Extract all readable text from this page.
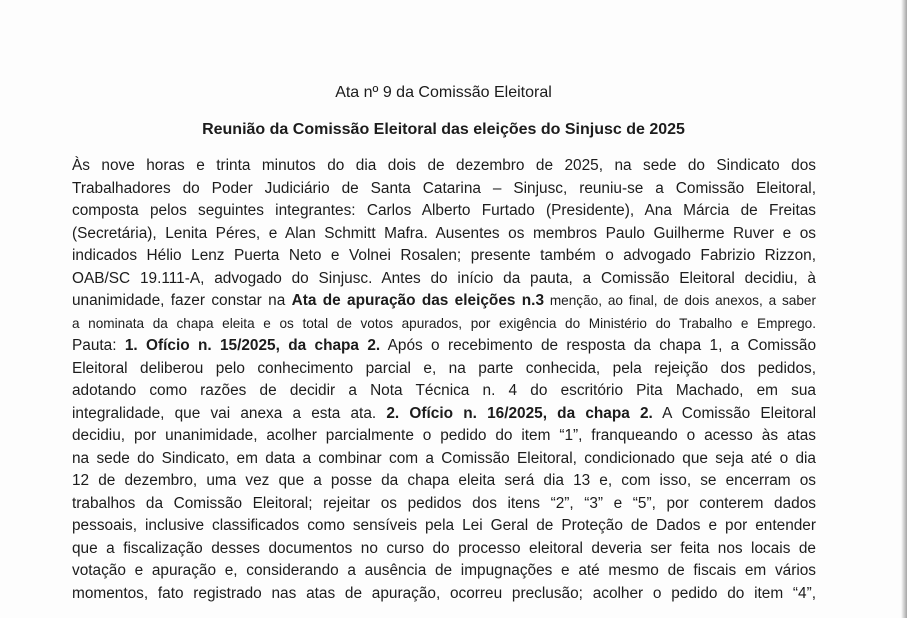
Ata nº 9 da Comissão Eleitoral
Reunião da Comissão Eleitoral das eleições do Sinjusc de 2025
Às nove horas e trinta minutos do dia dois de dezembro de 2025, na sede do Sindicato dos
Trabalhadores do Poder Judiciário de Santa Catarina – Sinjusc, reuniu-se a Comissão Eleitoral,
composta pelos seguintes integrantes: Carlos Alberto Furtado (Presidente), Ana Márcia de Freitas
(Secretária), Lenita Péres, e Alan Schmitt Mafra. Ausentes os membros Paulo Guilherme Ruver e os
indicados Hélio Lenz Puerta Neto e Volnei Rosalen; presente também o advogado Fabrizio Rizzon,
OAB/SC 19.111-A, advogado do Sinjusc. Antes do início da pauta, a Comissão Eleitoral decidiu, à
unanimidade, fazer constar na Ata de apuração das eleições n.3 menção, ao final, de dois anexos, a saber
a nominata da chapa eleita e os total de votos apurados, por exigência do Ministério do Trabalho e Emprego.
Pauta: 1. Ofício n. 15/2025, da chapa 2. Após o recebimento de resposta da chapa 1, a Comissão
Eleitoral deliberou pelo conhecimento parcial e, na parte conhecida, pela rejeição dos pedidos,
adotando como razões de decidir a Nota Técnica n. 4 do escritório Pita Machado, em sua
integralidade, que vai anexa a esta ata. 2. Ofício n. 16/2025, da chapa 2. A Comissão Eleitoral
decidiu, por unanimidade, acolher parcialmente o pedido do item “1”, franqueando o acesso às atas
na sede do Sindicato, em data a combinar com a Comissão Eleitoral, condicionado que seja até o dia
12 de dezembro, uma vez que a posse da chapa eleita será dia 13 e, com isso, se encerram os
trabalhos da Comissão Eleitoral; rejeitar os pedidos dos itens “2”, “3” e “5”, por conterem dados
pessoais, inclusive classificados como sensíveis pela Lei Geral de Proteção de Dados e por entender
que a fiscalização desses documentos no curso do processo eleitoral deveria ser feita nos locais de
votação e apuração e, considerando a ausência de impugnações e até mesmo de fiscais em vários
momentos, fato registrado nas atas de apuração, ocorreu preclusão; acolher o pedido do item “4”,
